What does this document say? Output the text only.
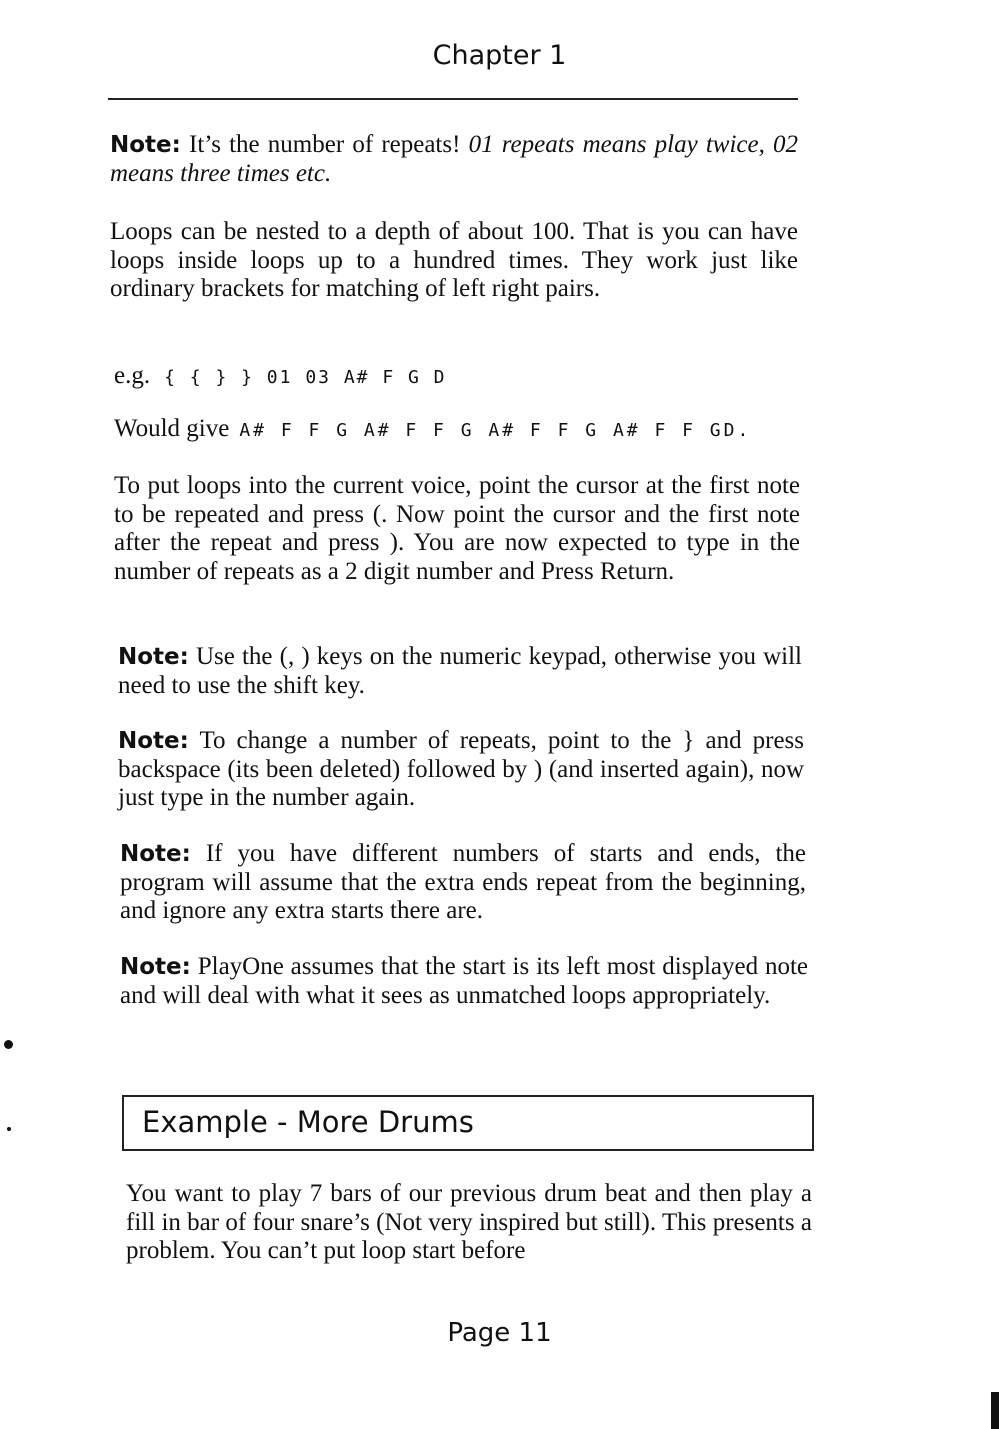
Chapter 1

Note: It’s the number of repeats! 01 repeats means play twice, 02 means three times etc.

Loops can be nested to a depth of about 100. That is you can have loops inside loops up to a hundred times. They work just like ordinary brackets for matching of left right pairs.

e.g. { { } } 01 03 A# F G D
Would give A# F F G A# F F G A# F F G A# F F GD.

To put loops into the current voice, point the cursor at the first note to be repeated and press (. Now point the cursor and the first note after the repeat and press ). You are now expected to type in the number of repeats as a 2 digit number and Press Return.

Note: Use the (, ) keys on the numeric keypad, otherwise you will need to use the shift key.

Note: To change a number of repeats, point to the } and press backspace (its been deleted) followed by ) (and inserted again), now just type in the number again.

Note: If you have different numbers of starts and ends, the program will assume that the extra ends repeat from the beginning, and ignore any extra starts there are.

Note: PlayOne assumes that the start is its left most displayed note and will deal with what it sees as unmatched loops appropriately.

Example - More Drums

You want to play 7 bars of our previous drum beat and then play a fill in bar of four snare’s (Not very inspired but still). This presents a problem. You can’t put loop start before

Page 11
